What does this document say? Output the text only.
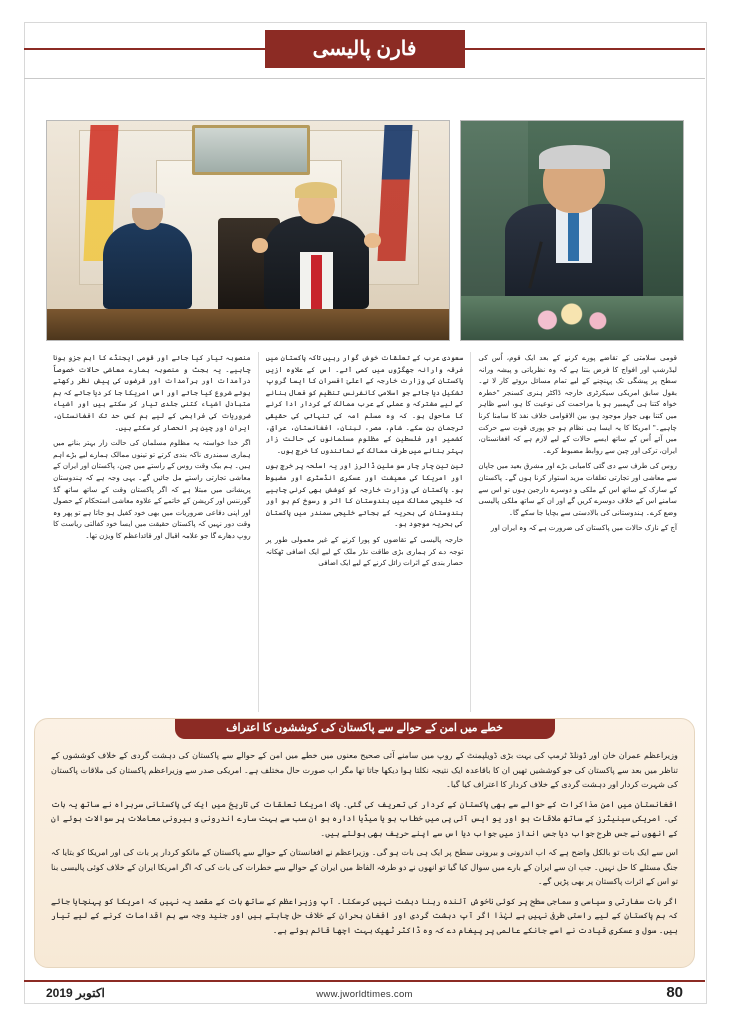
فارن پالیسی

قومی سلامتی کے تقاضے پورے کرنے کے بعد ایک قوم، اُس کی لیڈرشپ اور افواج کا فرض بنتا ہے کہ وہ نظریاتی و پیشہ ورانہ سطح پر پیشگی تک پہنچنے کے لیے تمام مسائل بروئے کار لا ئے۔ بقول سابق امریکی سیکرٹری خارجہ ڈاکٹر ہنری کسنجر "خطرہ خواہ کتنا ہی گہمبیر ہو یا مزاحمت کی نوعیت کا ہو، اسے ظاہر میں کتنا بھی جواز موجود ہو، بین الاقوامی خلاف نفذ کا سامنا کرنا چاہیے۔" امریکا کا یہ ایسا ہی نظام ہو جو پوری قوت سے حرکت میں آئے اُس کے ساتھ ایسے حالات کے لیے لازم ہے کہ افغانستان، ایران، ترکی اور چین سے روابط مضبوط کرے۔

روس کی طرف سے دی گئی کامیابی بڑے اور مشرق بعید میں جاپان سے معاشی اور تجارتی تعلقات مزید استوار کرنا ہوں گے۔ پاکستان کے سارک کے ساتھ اس کے ملکی و دوسرے دارجین ہوں تو اس سے سامنے اس کے خلاف دوسرے کریں گے اور ان کے ساتھ ملکی پالیسی وضع کرے۔ ہندوستانی کی بالادستی سے بچایا جا سکے گا۔

آج کے نازک حالات میں پاکستان کی ضرورت ہے کہ وہ ایران اور

سعودی عرب کے تعلقات خوش گوار رہیں تاکہ پاکستان میں فرقہ وارانہ جھگڑوں میں کمی آئے۔ اس کے علاوہ ازیں پاکستان کی وزارت خارجہ کے اعلیٰ افسران کا ایسا گروپ تشکیل دیا جائے جو اسلامی کانفرنس تنظیم کو فعال بنانے کے لیے مشترکہ و عملی کے عرب ممالک کے کردار ادا کرنے کا ماحول ہو۔ کہ وہ مسلم امہ کی تنہائی کی حقیقی ترجمان بن سکے۔ شام، مصر، لبنان، افغانستان، عراق، کشمیر اور فلسطین کے مظلوم مسلمانوں کی حالت زار بہتر بنانے میں طرف ممالک کے نمائندوں کا خرچ ہوں۔

تین تین چار چار سو ملین ڈالرز اور یہ اسلحہ پر خرچ ہوں اور امریکا کی معیشت اور عسکری انڈسٹری اور مضبوط ہو۔ پاکستان کی وزارت خارجہ کو کوشش بھی کرنی چاہیے کہ خلیجی ممالک میں ہندوستان کا اثر و رسوخ کم ہو اور ہندوستان کی بحریہ کے بجائے خلیجی سمندر میں پاکستان کی بحریہ موجود ہو۔

خارجہ پالیسی کے تقاضوں کو پورا کرنے کے غیر معمولی طور پر توجہ دے کر ہماری بڑی طاقت نڈر ملک کے لیے ایک اضافی ٹھکانہ حصار بندی کے اثرات زائل کرنے کے لیے ایک اضافی

منصوبہ تیار کیا جائے اور قومی ایجنڈے کا اہم جزو ہونا چاہیے۔ یہ بجٹ و منصوبہ ہمارے معاشی حالات خصوصاً درآمدات اور برآمدات اور قرضوں کی پیش نظر رکھتے ہوئے شروع کیا جائے اور اس امریکا جا کر دیا جائے کہ ہم متبادل اشیاء کتنی جلدی تیار کر سکتے ہیں اور اشیاء ضروریات کی فراہمی کے لیے ہم کس حد تک افغانستان، ایران اور چین پر انحصار کر سکتے ہیں۔

اگر خدا خواستہ یہ مظلوم مسلمان کی حالت زار بہتر بنانے میں ہماری سمندری ناکہ بندی کرتے تو تینوں ممالک ہمارے لیے بڑے اہم ہیں۔ ہم بیک وقت روس کے راستے میں چین، پاکستان اور ایران کے معاشی تجارتی راستے مل جائیں گے۔ یہی وجہ ہے کہ ہندوستان پریشانی میں مبتلا ہے کہ اگر پاکستان وقت کے ساتھ ساتھ گڈ گورننس اور کرپشن کے خاتمے کے علاوہ معاشی استحکام کے حصول اور اپنی دفاعی ضروریات میں بھی خود کفیل ہو جاتا ہے تو پھر وہ وقت دور نہیں کہ پاکستان حقیقت میں ایسا خود کفالتی ریاست کا روپ دھارے گا جو علامہ اقبال اور قائداعظم کا ویژن تھا۔

خطے میں امن کے حوالے سے پاکستان کی کوششوں کا اعتراف

وزیراعظم عمران خان اور ڈونلڈ ٹرمپ کی بہت بڑی ڈویلپمنٹ کے روپ میں سامنے آئی صحیح معنوں میں خطے میں امن کے حوالے سے پاکستان کی دہشت گردی کے خلاف کوششوں کے تناظر میں بعد سے پاکستان کی جو کوششیں تھیں ان کا باقاعدہ ایک نتیجہ نکلتا ہوا دیکھا جاتا تھا مگر اب صورت حال مختلف ہے۔ امریکی صدر سے وزیراعظم پاکستان کی ملاقات پاکستان کی شہرت کردار اور دہشت گردی کے خلاف کردار کا اعتراف کیا گیا۔

افغانستان میں امن مذاکرات کے حوالے سے بھی پاکستان کے کردار کی تعریف کی گئی۔ پاک امریکا تعلقات کی تاریخ میں ایک کی پاکستانی سربراہ نے ساتھ یہ بات کی۔ امریکی سینیٹرز کے ساتھ ملاقات ہو اور یو ایس آئی پی میں خطاب ہو یا میڈیا ادارہ ہو ان سب سے بہت سارے اندرونی و بیرونی معاملات پر سوالات ہوئے ان کے انھوں نے جس طرح جواب دیا جس انداز میں جواب دیا اس سے اپنے حریف بھی بولتے ہیں۔

اس سے ایک بات تو بالکل واضح ہے کہ اب اندرونی و بیرونی سطح پر ایک ہی بات ہو گی۔ وزیراعظم نے افغانستان کے حوالے سے پاکستان کے مانکو کردار پر بات کی اور امریکا کو بتایا کہ جنگ مسئلے کا حل نہیں۔ جب ان سے ایران کے بارے میں سوال کیا گیا تو انھوں نے دو طرفہ الفاظ میں ایران کے حوالے سے خطرات کی بات کی کہ اگر امریکا ایران کے خلاف کوئی پالیسی بنا تو اس کے اثرات پاکستان پر بھی پڑیں گے۔

اگر بات سفارتی و سیاسی و سماجی سطح پر کوئی ناخوش آئندہ رہنا دہشت نہیں کرسکتا۔ آپ وزیراعظم کے ساتھ بات کے مقصد یہ نہیں کہ امریکا کو پہنچایا جائے کہ ہم پاکستان کے لیے راستی طرفی نہیں ہے لہٰذا اگر آپ دہشت گردی اور افغان بحران کے خلاف حل چاہتے ہیں اور جنید وجہ سے ہم اقدامات کرنے کے لیے تیار ہیں۔ سول و عسکری قیادت نے اسے جانکے عالمی پر پیغام دے کہ وہ ڈاکٹر ٹھیک بہت اچھا قائم ہوئے ہے۔

اکتوبر 2019	www.jworldtimes.com	80
